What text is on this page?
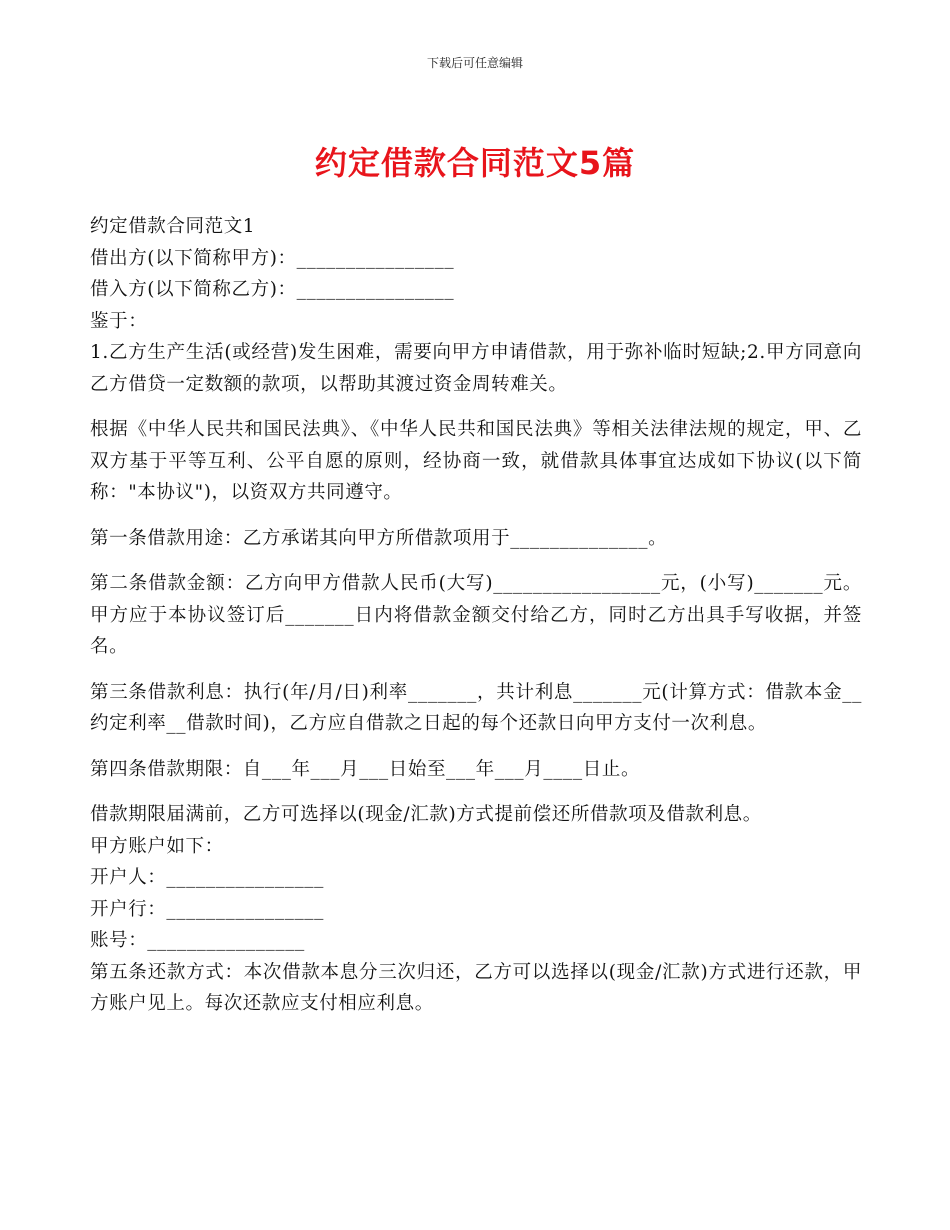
下载后可任意编辑
约定借款合同范文5篇
约定借款合同范文1
借出方(以下简称甲方)：________________
借入方(以下简称乙方)：________________
鉴于：

1.乙方生产生活(或经营)发生困难，需要向甲方申请借款，用于弥补临时短缺;2.甲方同意向乙方借贷一定数额的款项，以帮助其渡过资金周转难关。

根据《中华人民共和国民法典》、《中华人民共和国民法典》等相关法律法规的规定，甲、乙双方基于平等互利、公平自愿的原则，经协商一致，就借款具体事宜达成如下协议(以下简称："本协议")，以资双方共同遵守。

第一条借款用途：乙方承诺其向甲方所借款项用于______________。

第二条借款金额：乙方向甲方借款人民币(大写)_________________元，(小写)_______元。甲方应于本协议签订后_______日内将借款金额交付给乙方，同时乙方出具手写收据，并签名。

第三条借款利息：执行(年/月/日)利率_______，共计利息_______元(计算方式：借款本金__约定利率__借款时间)，乙方应自借款之日起的每个还款日向甲方支付一次利息。

第四条借款期限：自___年___月___日始至___年___月____日止。

借款期限届满前，乙方可选择以(现金/汇款)方式提前偿还所借款项及借款利息。
甲方账户如下：
开户人：________________
开户行：________________
账号：________________

第五条还款方式：本次借款本息分三次归还，乙方可以选择以(现金/汇款)方式进行还款，甲方账户见上。每次还款应支付相应利息。
